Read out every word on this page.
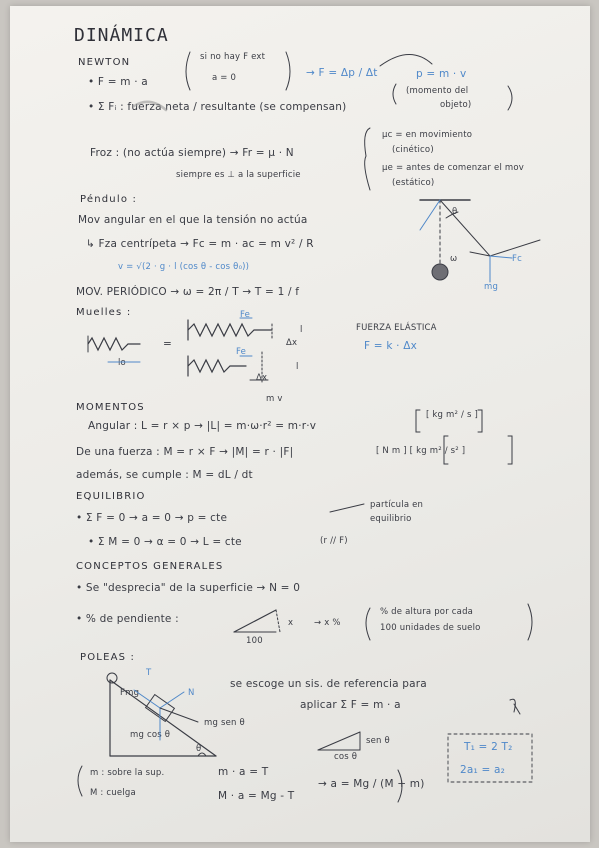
DINÁMICA
NEWTON
• F = m · a
si no hay F ext
a = 0	→ F = Δp / Δt	p = m · v
(momento del
objeto)
• Σ Fᵢ : fuerza neta / resultante (se compensan)
Froz : (no actúa siempre) → Fr = μ · N
siempre es ⊥ a la superficie
μc = en movimiento
(cinético)
μe = antes de comenzar el mov
(estático)
Péndulo :
Mov angular en el que la tensión no actúa
↳ Fza centrípeta → Fc = m · ac = m v² / R
v = √(2 · g · l (cos θ - cos θ₀))
MOV. PERIÓDICO → ω = 2π / T → T = 1 / f
θ
ω	Fc
mg
Muelles :
lo
=
Fe
l
Δx
Fe
l
Δx
FUERZA ELÁSTICA
F = k · Δx
MOMENTOS
m v
Angular : L = r × p → |L| = m·ω·r² = m·r·v
[ kg m² / s ]
De una fuerza : M = r × F → |M| = r · |F|	[ N m ] [ kg m² / s² ]
además, se cumple : M = dL / dt
EQUILIBRIO
• Σ F = 0 → a = 0 → p = cte
partícula en
equilibrio
• Σ M = 0 → α = 0 → L = cte	(r // F)
CONCEPTOS GENERALES
• Se "desprecia" de la superficie → N = 0
• % de pendiente :	x → x %
% de altura por cada
100 unidades de suelo
100
POLEAS :
se escoge un sis. de referencia para
aplicar Σ F = m · a
T
Fmg	N
mg cos θ
mg sen θ
θ
sen θ
cos θ
T₁ = 2 T₂
2a₁ = a₂
m : sobre la sup.
M : cuelga
m · a = T
M · a = Mg - T
→ a = Mg / (M + m)
